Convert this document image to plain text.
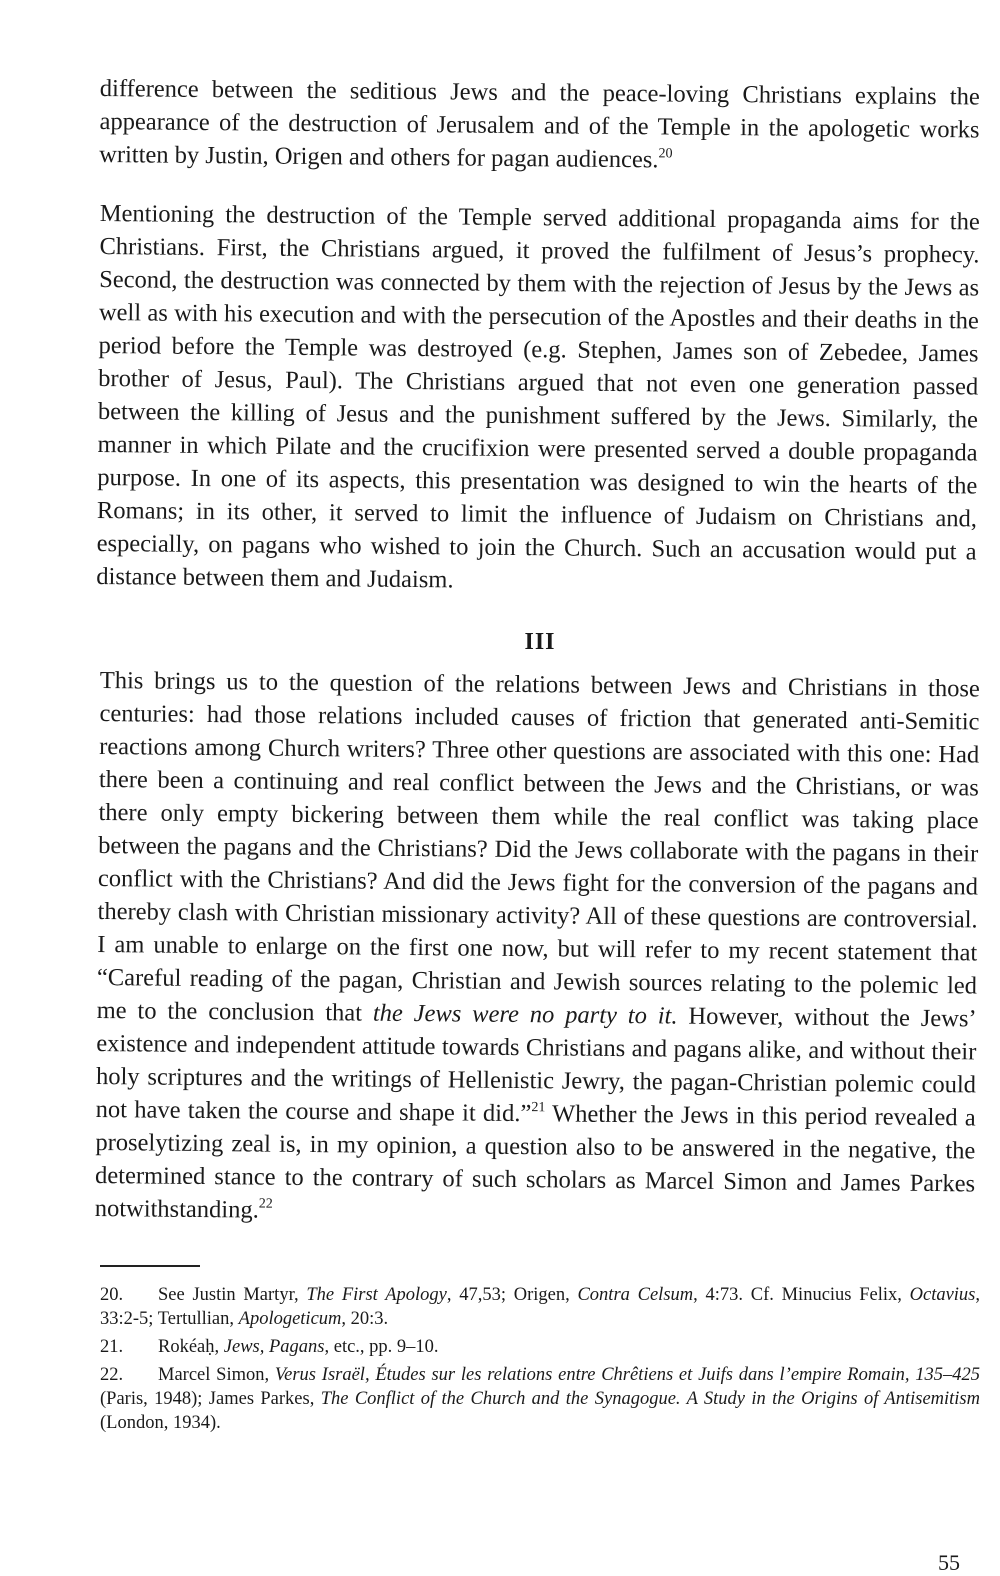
difference between the seditious Jews and the peace-loving Christians explains the appearance of the destruction of Jerusalem and of the Temple in the apologetic works written by Justin, Origen and others for pagan audiences.$^{20}$

Mentioning the destruction of the Temple served additional propaganda aims for the Christians. First, the Christians argued, it proved the fulfilment of Jesus’s prophecy. Second, the destruction was connected by them with the rejection of Jesus by the Jews as well as with his execution and with the persecution of the Apostles and their deaths in the period before the Temple was destroyed (e.g. Stephen, James son of Zebedee, James brother of Jesus, Paul). The Christians argued that not even one generation passed between the killing of Jesus and the punishment suffered by the Jews. Similarly, the manner in which Pilate and the crucifixion were presented served a double propaganda purpose. In one of its aspects, this presentation was designed to win the hearts of the Romans; in its other, it served to limit the influence of Judaism on Christians and, especially, on pagans who wished to join the Church. Such an accusation would put a distance between them and Judaism.

III

This brings us to the question of the relations between Jews and Christians in those centuries: had those relations included causes of friction that generated anti-Semitic reactions among Church writers? Three other questions are associated with this one: Had there been a continuing and real conflict between the Jews and the Christians, or was there only empty bickering between them while the real conflict was taking place between the pagans and the Christians? Did the Jews collaborate with the pagans in their conflict with the Christians? And did the Jews fight for the conversion of the pagans and thereby clash with Christian missionary activity? All of these questions are controversial. I am unable to enlarge on the first one now, but will refer to my recent statement that “Careful reading of the pagan, Christian and Jewish sources relating to the polemic led me to the conclusion that the Jews were no party to it. However, without the Jews’ existence and independent attitude towards Christians and pagans alike, and without their holy scriptures and the writings of Hellenistic Jewry, the pagan-Christian polemic could not have taken the course and shape it did.”$^{21}$ Whether the Jews in this period revealed a proselytizing zeal is, in my opinion, a question also to be answered in the negative, the determined stance to the contrary of such scholars as Marcel Simon and James Parkes notwithstanding.$^{22}$

20. See Justin Martyr, The First Apology, 47,53; Origen, Contra Celsum, 4:73. Cf. Minucius Felix, Octavius, 33:2-5; Tertullian, Apologeticum, 20:3.

21. Rokéaḥ, Jews, Pagans, etc., pp. 9–10.

22. Marcel Simon, Verus Israël, Études sur les relations entre Chrêtiens et Juifs dans l’empire Romain, 135–425 (Paris, 1948); James Parkes, The Conflict of the Church and the Synagogue. A Study in the Origins of Antisemitism (London, 1934).

55
